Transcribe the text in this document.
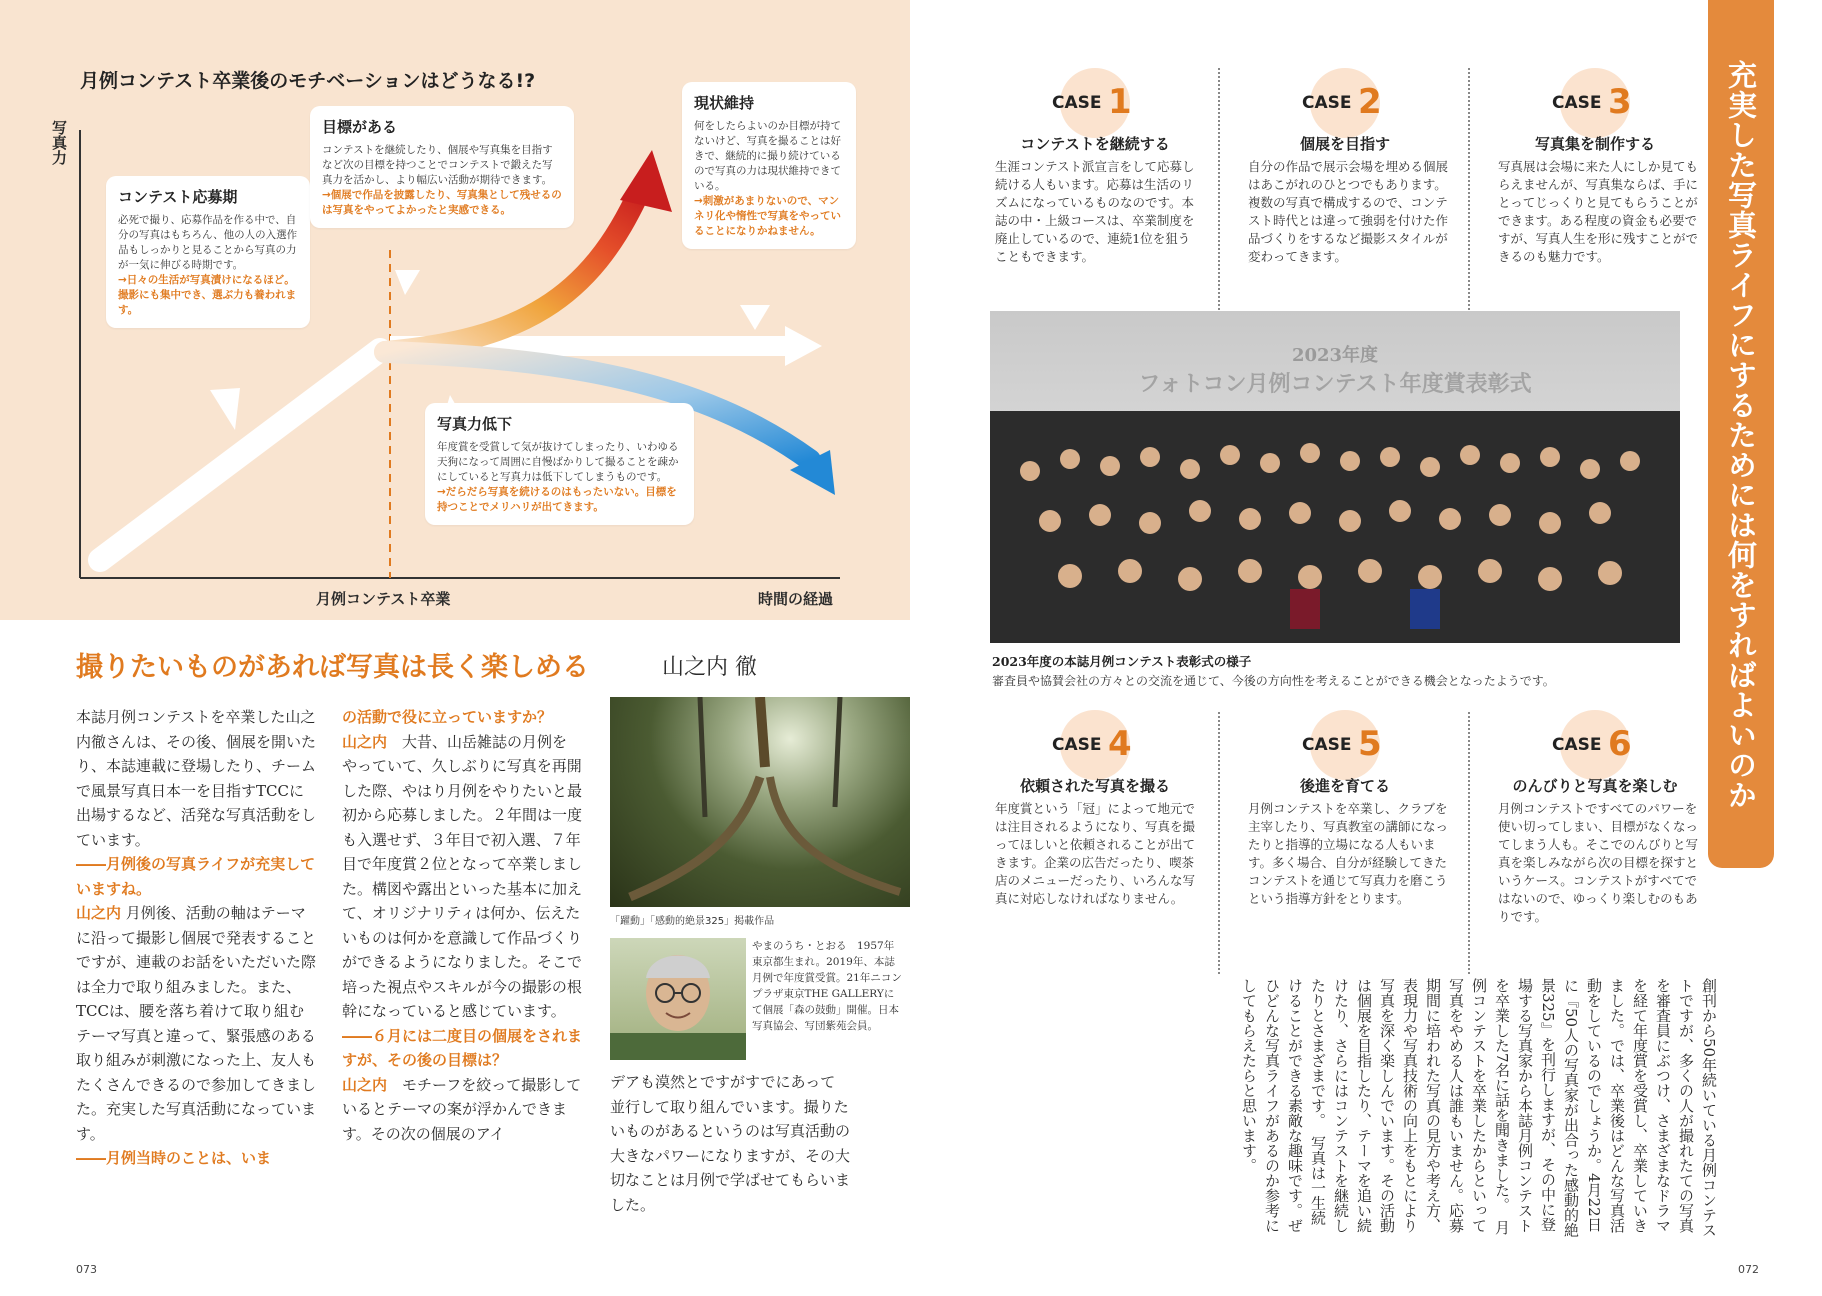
月例コンテスト卒業後のモチベーションはどうなる!?
写真力
月例コンテスト卒業	時間の経過
コンテスト応募期
必死で撮り、応募作品を作る中で、自分の写真はもちろん、他の人の入選作品もしっかりと見ることから写真の力が一気に伸びる時期です。
→日々の生活が写真漬けになるほど。撮影にも集中でき、選ぶ力も養われます。
目標がある
コンテストを継続したり、個展や写真集を目指すなど次の目標を持つことでコンテストで鍛えた写真力を活かし、より幅広い活動が期待できます。
→個展で作品を披露したり、写真集として残せるのは写真をやってよかったと実感できる。
現状維持
何をしたらよいのか目標が持てないけど、写真を撮ることは好きで、継続的に撮り続けているので写真の力は現状維持できている。
→刺激があまりないので、マンネリ化や惰性で写真をやっていることになりかねません。
写真力低下
年度賞を受賞して気が抜けてしまったり、いわゆる天狗になって周囲に自慢ばかりして撮ることを疎かにしていると写真力は低下してしまうものです。
→だらだら写真を続けるのはもったいない。目標を持つことでメリハリが出てきます。
撮りたいものがあれば写真は長く楽しめる	山之内 徹

本誌月例コンテストを卒業した山之内徹さんは、その後、個展を開いたり、本誌連載に登場したり、チームで風景写真日本一を目指すTCCに出場するなど、活発な写真活動をしています。

――月例後の写真ライフが充実していますね。

山之内 月例後、活動の軸はテーマに沿って撮影し個展で発表することですが、連載のお話をいただいた際は全力で取り組みました。また、TCCは、腰を落ち着けて取り組むテーマ写真と違って、緊張感のある取り組みが刺激になった上、友人もたくさんできるので参加してきました。充実した写真活動になっています。

――月例当時のことは、いま

の活動で役に立っていますか？

山之内　 大昔、山岳雑誌の月例をやっていて、久しぶりに写真を再開した際、やはり月例をやりたいと最初から応募しました。２年間は一度も入選せず、３年目で初入選、７年目で年度賞２位となって卒業しました。構図や露出といった基本に加えて、オリジナリティは何か、伝えたいものは何かを意識して作品づくりができるようになりました。そこで培った視点やスキルが今の撮影の根幹になっていると感じています。

――６月には二度目の個展をされますが、その後の目標は？

山之内　 モチーフを絞って撮影しているとテーマの案が浮かんできます。その次の個展のアイ

「躍動」「感動的絶景325」掲載作品
やまのうち・とおる　1957年東京都生まれ。2019年、本誌月例で年度賞受賞。21年ニコンプラザ東京THE GALLERYにて個展「森の鼓動」開催。日本写真協会、写団紫苑会員。
デアも漠然とですがすでにあって並行して取り組んでいます。撮りたいものがあるというのは写真活動の大きなパワーになりますが、その大切なことは月例で学ばせてもらいました。
073
充実した写真ライフにするためには何をすればよいのか
CASE 1
コンテストを継続する
生涯コンテスト派宣言をして応募し続ける人もいます。応募は生活のリズムになっているものなのです。本誌の中・上級コースは、卒業制度を廃止しているので、連続1位を狙うこともできます。
CASE 2
個展を目指す
自分の作品で展示会場を埋める個展はあこがれのひとつでもあります。複数の写真で構成するので、コンテスト時代とは違って強弱を付けた作品づくりをするなど撮影スタイルが変わってきます。
CASE 3
写真集を制作する
写真展は会場に来た人にしか見てもらえませんが、写真集ならば、手にとってじっくりと見てもらうことができます。ある程度の資金も必要ですが、写真人生を形に残すことができるのも魅力です。
2023年度
フォトコン月例コンテスト年度賞表彰式
2023年度の本誌月例コンテスト表彰式の様子
審査員や協賛会社の方々との交流を通じて、今後の方向性を考えることができる機会となったようです。
CASE 4
依頼された写真を撮る
年度賞という「冠」によって地元では注目されるようになり、写真を撮ってほしいと依頼されることが出てきます。企業の広告だったり、喫茶店のメニューだったり、いろんな写真に対応しなければなりません。
CASE 5
後進を育てる
月例コンテストを卒業し、クラブを主宰したり、写真教室の講師になったりと指導的立場になる人もいます。多く場合、自分が経験してきたコンテストを通じて写真力を磨こうという指導方針をとります。
CASE 6
のんびりと写真を楽しむ
月例コンテストですべてのパワーを使い切ってしまい、目標がなくなってしまう人も。そこでのんびりと写真を楽しみながら次の目標を探すというケース。コンテストがすべてではないので、ゆっくり楽しむのもありです。
創刊から50年続いている月例コンテストですが、多くの人が撮れたての写真を審査員にぶつけ、さまざまなドラマを経て年度賞を受賞し、卒業していきました。では、卒業後はどんな写真活動をしているのでしょうか。4月22日に『50人の写真家が出合った感動的絶景325』を刊行しますが、その中に登場する写真家から本誌月例コンテストを卒業した7名に話を聞きました。　月例コンテストを卒業したからといって写真をやめる人は誰もいません。応募期間に培われた写真の見方や考え方、表現力や写真技術の向上をもとにより写真を深く楽しんでいます。その活動は個展を目指したり、テーマを追い続けたり、さらにはコンテストを継続したりとさまざまです。　写真は一生続けることができる素敵な趣味です。ぜひどんな写真ライフがあるのか参考にしてもらえたらと思います。
072
